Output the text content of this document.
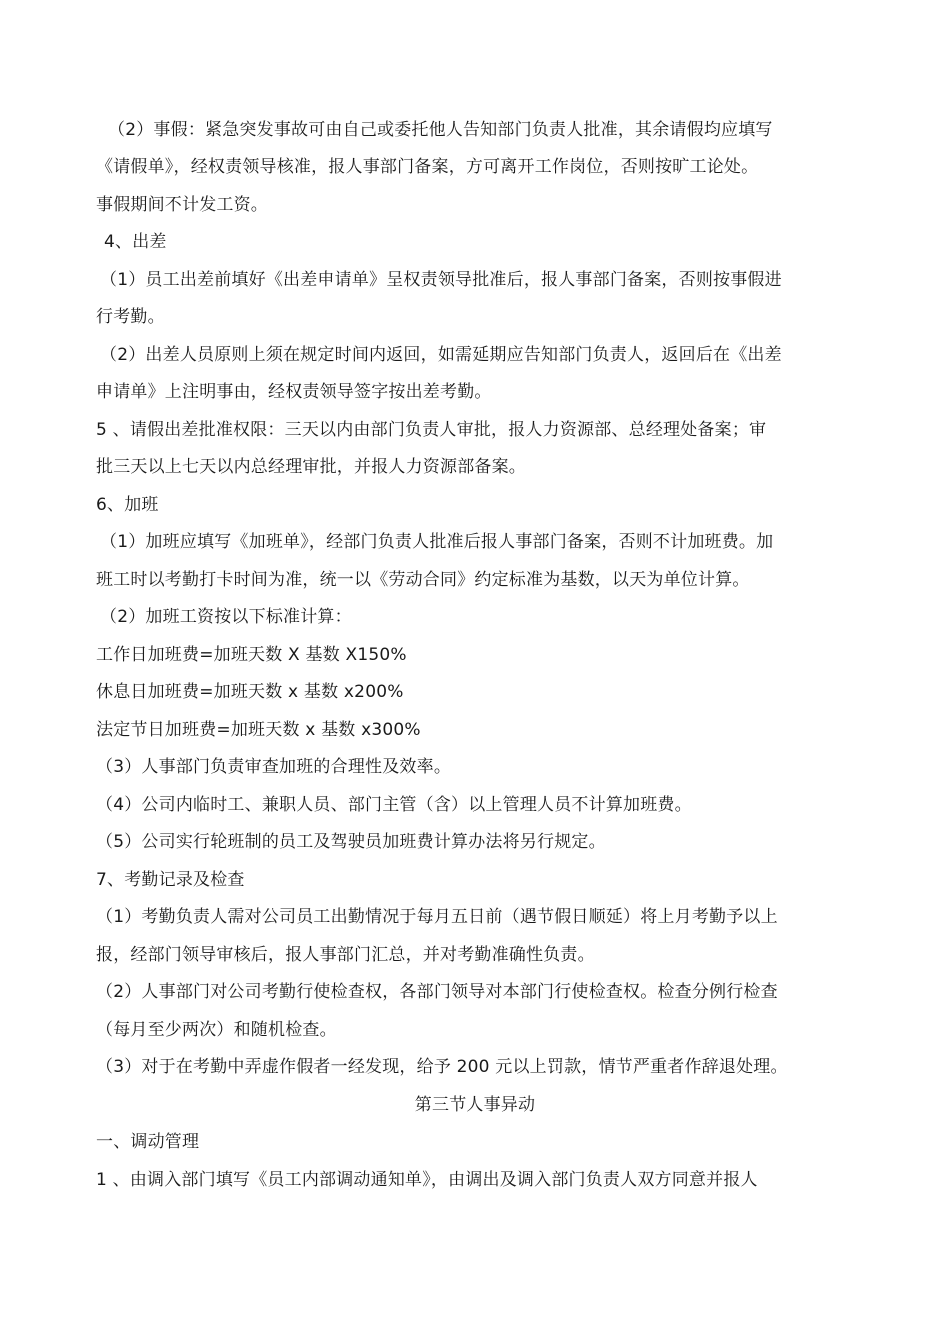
（2）事假：紧急突发事故可由自己或委托他人告知部门负责人批准，其余请假均应填写
《请假单》，经权责领导核准，报人事部门备案，方可离开工作岗位，否则按旷工论处。
事假期间不计发工资。
4、出差
（1）员工出差前填好《出差申请单》呈权责领导批准后，报人事部门备案，否则按事假进
行考勤。
（2）出差人员原则上须在规定时间内返回，如需延期应告知部门负责人，返回后在《出差
申请单》上注明事由，经权责领导签字按出差考勤。
5 、请假出差批准权限：三天以内由部门负责人审批，报人力资源部、总经理处备案；审
批三天以上七天以内总经理审批，并报人力资源部备案。
6、加班
（1）加班应填写《加班单》，经部门负责人批准后报人事部门备案，否则不计加班费。加
班工时以考勤打卡时间为准，统一以《劳动合同》约定标准为基数，以天为单位计算。
（2）加班工资按以下标准计算：
工作日加班费=加班天数 X 基数 X150%
休息日加班费=加班天数 x 基数 x200%
法定节日加班费=加班天数 x 基数 x300%
（3）人事部门负责审查加班的合理性及效率。
（4）公司内临时工、兼职人员、部门主管（含）以上管理人员不计算加班费。
（5）公司实行轮班制的员工及驾驶员加班费计算办法将另行规定。
7、考勤记录及检查
（1）考勤负责人需对公司员工出勤情况于每月五日前（遇节假日顺延）将上月考勤予以上
报，经部门领导审核后，报人事部门汇总，并对考勤准确性负责。
（2）人事部门对公司考勤行使检查权，各部门领导对本部门行使检查权。检查分例行检查
（每月至少两次）和随机检查。
（3）对于在考勤中弄虚作假者一经发现，给予 200 元以上罚款，情节严重者作辞退处理。
第三节人事异动
一、调动管理
1 、由调入部门填写《员工内部调动通知单》，由调出及调入部门负责人双方同意并报人
